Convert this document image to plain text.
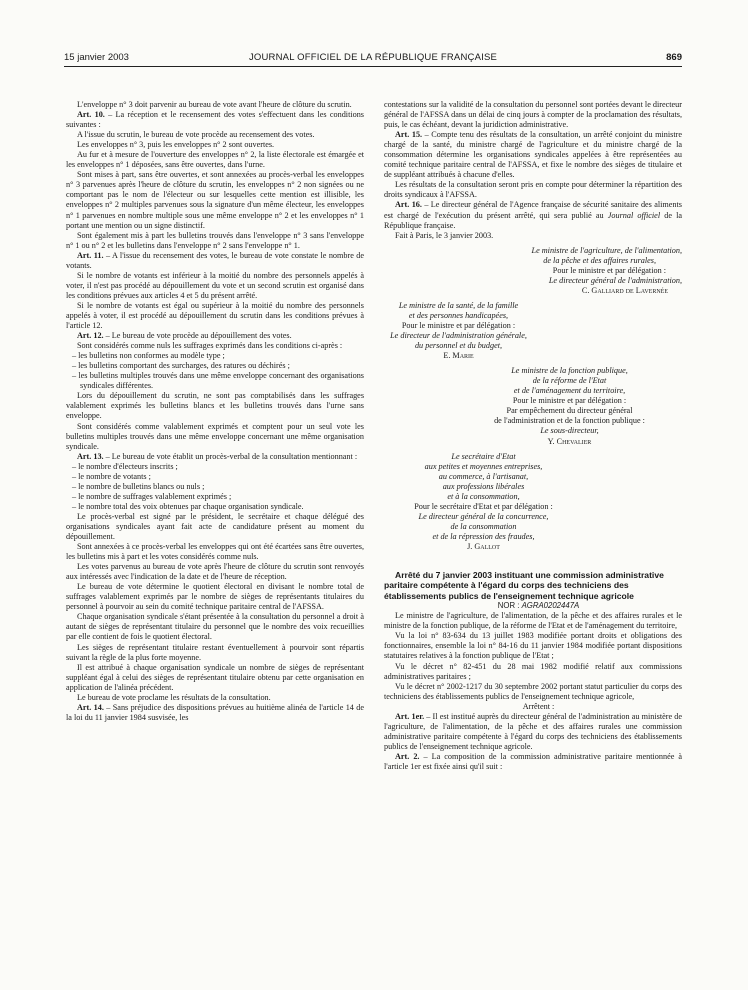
15 janvier 2003	JOURNAL OFFICIEL DE LA RÉPUBLIQUE FRANÇAISE	869

L'enveloppe n° 3 doit parvenir au bureau de vote avant l'heure de clôture du scrutin.

Art. 10. – La réception et le recensement des votes s'effectuent dans les conditions suivantes :

A l'issue du scrutin, le bureau de vote procède au recensement des votes.

Les enveloppes n° 3, puis les enveloppes n° 2 sont ouvertes.

Au fur et à mesure de l'ouverture des enveloppes n° 2, la liste électorale est émargée et les enveloppes n° 1 déposées, sans être ouvertes, dans l'urne.

Sont mises à part, sans être ouvertes, et sont annexées au procès-verbal les enveloppes n° 3 parvenues après l'heure de clôture du scrutin, les enveloppes n° 2 non signées ou ne comportant pas le nom de l'électeur ou sur lesquelles cette mention est illisible, les enveloppes n° 2 multiples parvenues sous la signature d'un même électeur, les enveloppes n° 1 parvenues en nombre multiple sous une même enveloppe n° 2 et les enveloppes n° 1 portant une mention ou un signe distinctif.

Sont également mis à part les bulletins trouvés dans l'enveloppe n° 3 sans l'enveloppe n° 1 ou n° 2 et les bulletins dans l'enveloppe n° 2 sans l'enveloppe n° 1.

Art. 11. – A l'issue du recensement des votes, le bureau de vote constate le nombre de votants.

Si le nombre de votants est inférieur à la moitié du nombre des personnels appelés à voter, il n'est pas procédé au dépouillement du vote et un second scrutin est organisé dans les conditions prévues aux articles 4 et 5 du présent arrêté.

Si le nombre de votants est égal ou supérieur à la moitié du nombre des personnels appelés à voter, il est procédé au dépouillement du scrutin dans les conditions prévues à l'article 12.

Art. 12. – Le bureau de vote procède au dépouillement des votes.

Sont considérés comme nuls les suffrages exprimés dans les conditions ci-après :

– les bulletins non conformes au modèle type ;
– les bulletins comportant des surcharges, des ratures ou déchirés ;
– les bulletins multiples trouvés dans une même enveloppe concernant des organisations syndicales différentes.

Lors du dépouillement du scrutin, ne sont pas comptabilisés dans les suffrages valablement exprimés les bulletins blancs et les bulletins trouvés dans l'urne sans enveloppe.

Sont considérés comme valablement exprimés et comptent pour un seul vote les bulletins multiples trouvés dans une même enveloppe concernant une même organisation syndicale.

Art. 13. – Le bureau de vote établit un procès-verbal de la consultation mentionnant :

– le nombre d'électeurs inscrits ;
– le nombre de votants ;
– le nombre de bulletins blancs ou nuls ;
– le nombre de suffrages valablement exprimés ;
– le nombre total des voix obtenues par chaque organisation syndicale.

Le procès-verbal est signé par le président, le secrétaire et chaque délégué des organisations syndicales ayant fait acte de candidature présent au moment du dépouillement.

Sont annexées à ce procès-verbal les enveloppes qui ont été écartées sans être ouvertes, les bulletins mis à part et les votes considérés comme nuls.

Les votes parvenus au bureau de vote après l'heure de clôture du scrutin sont renvoyés aux intéressés avec l'indication de la date et de l'heure de réception.

Le bureau de vote détermine le quotient électoral en divisant le nombre total de suffrages valablement exprimés par le nombre de sièges de représentants titulaires du personnel à pourvoir au sein du comité technique paritaire central de l'AFSSA.

Chaque organisation syndicale s'étant présentée à la consultation du personnel a droit à autant de sièges de représentant titulaire du personnel que le nombre des voix recueillies par elle contient de fois le quotient électoral.

Les sièges de représentant titulaire restant éventuellement à pourvoir sont répartis suivant la règle de la plus forte moyenne.

Il est attribué à chaque organisation syndicale un nombre de sièges de représentant suppléant égal à celui des sièges de représentant titulaire obtenu par cette organisation en application de l'alinéa précédent.

Le bureau de vote proclame les résultats de la consultation.

Art. 14. – Sans préjudice des dispositions prévues au huitième alinéa de l'article 14 de la loi du 11 janvier 1984 susvisée, les

contestations sur la validité de la consultation du personnel sont portées devant le directeur général de l'AFSSA dans un délai de cinq jours à compter de la proclamation des résultats, puis, le cas échéant, devant la juridiction administrative.

Art. 15. – Compte tenu des résultats de la consultation, un arrêté conjoint du ministre chargé de la santé, du ministre chargé de l'agriculture et du ministre chargé de la consommation détermine les organisations syndicales appelées à être représentées au comité technique paritaire central de l'AFSSA, et fixe le nombre des sièges de titulaire et de suppléant attribués à chacune d'elles.

Les résultats de la consultation seront pris en compte pour déterminer la répartition des droits syndicaux à l'AFSSA.

Art. 16. – Le directeur général de l'Agence française de sécurité sanitaire des aliments est chargé de l'exécution du présent arrêté, qui sera publié au Journal officiel de la République française.

Fait à Paris, le 3 janvier 2003.

Le ministre de l'agriculture, de l'alimentation,

de la pêche et des affaires rurales,

Pour le ministre et par délégation :

Le directeur général de l'administration,

C. Galliard de Lavernée

Le ministre de la santé, de la famille

et des personnes handicapées,

Pour le ministre et par délégation :

Le directeur de l'administration générale,

du personnel et du budget,

E. Marie

Le ministre de la fonction publique,

de la réforme de l'Etat

et de l'aménagement du territoire,

Pour le ministre et par délégation :

Par empêchement du directeur général

de l'administration et de la fonction publique :

Le sous-directeur,

Y. Chevalier

Le secrétaire d'Etat

aux petites et moyennes entreprises,

au commerce, à l'artisanat,

aux professions libérales

et à la consommation,

Pour le secrétaire d'Etat et par délégation :

Le directeur général de la concurrence,

de la consommation

et de la répression des fraudes,

J. Gallot

Arrêté du 7 janvier 2003 instituant une commission administrative paritaire compétente à l'égard du corps des techniciens des établissements publics de l'enseignement technique agricole

NOR : AGRA0202447A

Le ministre de l'agriculture, de l'alimentation, de la pêche et des affaires rurales et le ministre de la fonction publique, de la réforme de l'Etat et de l'aménagement du territoire,

Vu la loi n° 83-634 du 13 juillet 1983 modifiée portant droits et obligations des fonctionnaires, ensemble la loi n° 84-16 du 11 janvier 1984 modifiée portant dispositions statutaires relatives à la fonction publique de l'Etat ;

Vu le décret n° 82-451 du 28 mai 1982 modifié relatif aux commissions administratives paritaires ;

Vu le décret n° 2002-1217 du 30 septembre 2002 portant statut particulier du corps des techniciens des établissements publics de l'enseignement technique agricole,

Arrêtent :

Art. 1er. – Il est institué auprès du directeur général de l'administration au ministère de l'agriculture, de l'alimentation, de la pêche et des affaires rurales une commission administrative paritaire compétente à l'égard du corps des techniciens des établissements publics de l'enseignement technique agricole.

Art. 2. – La composition de la commission administrative paritaire mentionnée à l'article 1er est fixée ainsi qu'il suit :
